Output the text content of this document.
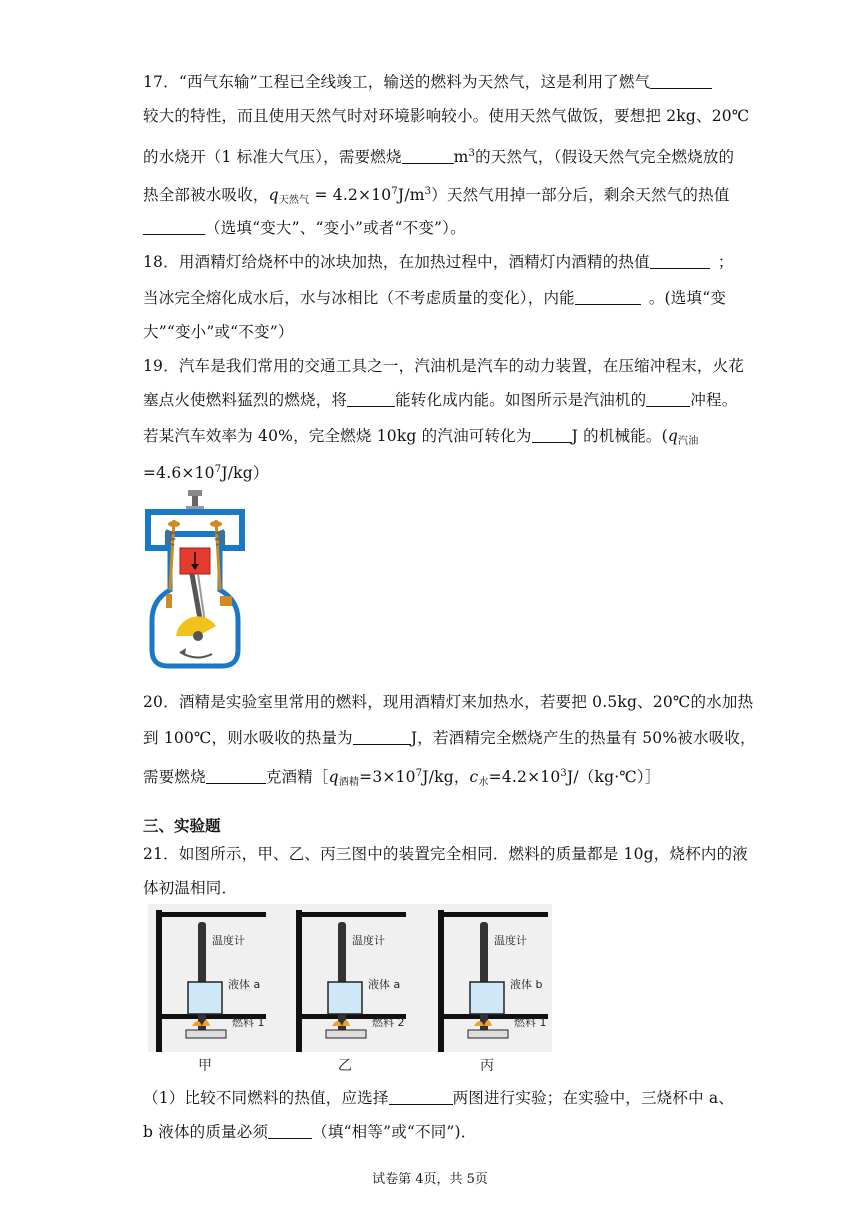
17．“西气东输”工程已全线竣工，输送的燃料为天然气，这是利用了燃气
较大的特性，而且使用天然气时对环境影响较小。使用天然气做饭，要想把 2kg、20℃
的水烧开（1 标准大气压），需要燃烧	$m^3$的天然气，（假设天然气完全燃烧放的
热全部被水吸收，$q_{天然气} = 4.2\times 10^7J/m^3$）天然气用掉一部分后，剩余天然气的热值
（选填“变大”、“变小”或者“不变”）。
18．用酒精灯给烧杯中的冰块加热，在加热过程中，酒精灯内酒精的热值	；
当冰完全熔化成水后，水与冰相比（不考虑质量的变化），内能	。(选填“变
大”“变小”或“不变”）
19．汽车是我们常用的交通工具之一，汽油机是汽车的动力装置，在压缩冲程末，火花
塞点火使燃料猛烈的燃烧，将	能转化成内能。如图所示是汽油机的	冲程。
若某汽车效率为 40%，完全燃烧 10kg 的汽油可转化为	J 的机械能。($q_{汽油}$
$=4.6\times 10^7J/kg$）
20．酒精是实验室里常用的燃料，现用酒精灯来加热水，若要把 0.5kg、20℃的水加热
到 100℃，则水吸收的热量为	J，若酒精完全燃烧产生的热量有 50%被水吸收，
需要燃烧	克酒精$[q_{酒精}=3\times 10^7J/kg$，$c_水=4.2\times 10^3J/(kg\cdot℃)]$
三、实验题
21．如图所示，甲、乙、丙三图中的装置完全相同．燃料的质量都是 10g，烧杯内的液
体初温相同．
温度计
液体 a
燃料 1
甲
温度计
液体 a
燃料 2
乙
温度计
液体 b
燃料 1
丙
（1）比较不同燃料的热值，应选择	两图进行实验；在实验中，三烧杯中 a、
b 液体的质量必须	（填“相等”或“不同”)．
试卷第 4页，共 5页
